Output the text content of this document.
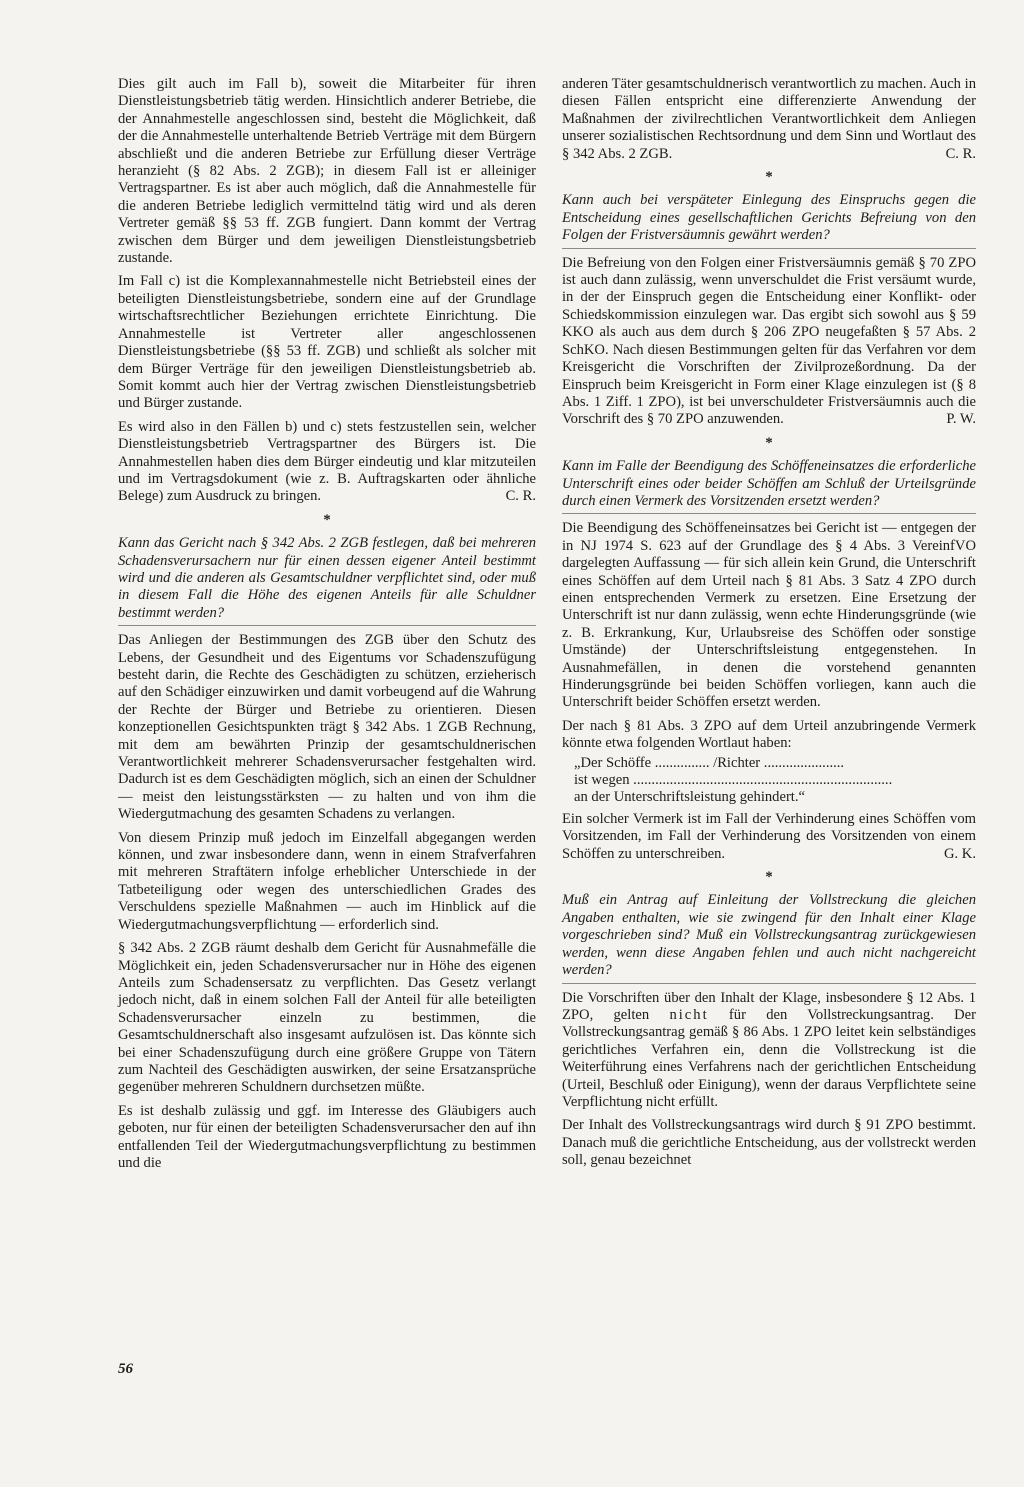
Dies gilt auch im Fall b), soweit die Mitarbeiter für ihren Dienstleistungsbetrieb tätig werden. Hinsichtlich anderer Betriebe, die der Annahmestelle angeschlossen sind, besteht die Möglichkeit, daß der die Annahmestelle unterhaltende Betrieb Verträge mit dem Bürgern abschließt und die anderen Betriebe zur Erfüllung dieser Verträge heranzieht (§ 82 Abs. 2 ZGB); in diesem Fall ist er alleiniger Vertragspartner. Es ist aber auch möglich, daß die Annahmestelle für die anderen Betriebe lediglich vermittelnd tätig wird und als deren Vertreter gemäß §§ 53 ff. ZGB fungiert. Dann kommt der Vertrag zwischen dem Bürger und dem jeweiligen Dienstleistungsbetrieb zustande.

Im Fall c) ist die Komplexannahmestelle nicht Betriebsteil eines der beteiligten Dienstleistungsbetriebe, sondern eine auf der Grundlage wirtschaftsrechtlicher Beziehungen errichtete Einrichtung. Die Annahmestelle ist Vertreter aller angeschlossenen Dienstleistungsbetriebe (§§ 53 ff. ZGB) und schließt als solcher mit dem Bürger Verträge für den jeweiligen Dienstleistungsbetrieb ab. Somit kommt auch hier der Vertrag zwischen Dienstleistungsbetrieb und Bürger zustande.

Es wird also in den Fällen b) und c) stets festzustellen sein, welcher Dienstleistungsbetrieb Vertragspartner des Bürgers ist. Die Annahmestellen haben dies dem Bürger eindeutig und klar mitzuteilen und im Vertragsdokument (wie z. B. Auftragskarten oder ähnliche Belege) zum Ausdruck zu bringen.	C. R.

*

Kann das Gericht nach § 342 Abs. 2 ZGB festlegen, daß bei mehreren Schadensverursachern nur für einen dessen eigener Anteil bestimmt wird und die anderen als Gesamtschuldner verpflichtet sind, oder muß in diesem Fall die Höhe des eigenen Anteils für alle Schuldner bestimmt werden?

Das Anliegen der Bestimmungen des ZGB über den Schutz des Lebens, der Gesundheit und des Eigentums vor Schadenszufügung besteht darin, die Rechte des Geschädigten zu schützen, erzieherisch auf den Schädiger einzuwirken und damit vorbeugend auf die Wahrung der Rechte der Bürger und Betriebe zu orientieren. Diesen konzeptionellen Gesichtspunkten trägt § 342 Abs. 1 ZGB Rechnung, mit dem am bewährten Prinzip der gesamtschuldnerischen Verantwortlichkeit mehrerer Schadensverursacher festgehalten wird. Dadurch ist es dem Geschädigten möglich, sich an einen der Schuldner — meist den leistungsstärksten — zu halten und von ihm die Wiedergutmachung des gesamten Schadens zu verlangen.

Von diesem Prinzip muß jedoch im Einzelfall abgegangen werden können, und zwar insbesondere dann, wenn in einem Strafverfahren mit mehreren Straftätern infolge erheblicher Unterschiede in der Tatbeteiligung oder wegen des unterschiedlichen Grades des Verschuldens spezielle Maßnahmen — auch im Hinblick auf die Wiedergutmachungsverpflichtung — erforderlich sind.

§ 342 Abs. 2 ZGB räumt deshalb dem Gericht für Ausnahmefälle die Möglichkeit ein, jeden Schadensverursacher nur in Höhe des eigenen Anteils zum Schadensersatz zu verpflichten. Das Gesetz verlangt jedoch nicht, daß in einem solchen Fall der Anteil für alle beteiligten Schadensverursacher einzeln zu bestimmen, die Gesamtschuldnerschaft also insgesamt aufzulösen ist. Das könnte sich bei einer Schadenszufügung durch eine größere Gruppe von Tätern zum Nachteil des Geschädigten auswirken, der seine Ersatzansprüche gegenüber mehreren Schuldnern durchsetzen müßte.

Es ist deshalb zulässig und ggf. im Interesse des Gläubigers auch geboten, nur für einen der beteiligten Schadensverursacher den auf ihn entfallenden Teil der Wiedergutmachungsverpflichtung zu bestimmen und die

anderen Täter gesamtschuldnerisch verantwortlich zu machen. Auch in diesen Fällen entspricht eine differenzierte Anwendung der Maßnahmen der zivilrechtlichen Verantwortlichkeit dem Anliegen unserer sozialistischen Rechtsordnung und dem Sinn und Wortlaut des § 342 Abs. 2 ZGB.	C. R.

*

Kann auch bei verspäteter Einlegung des Einspruchs gegen die Entscheidung eines gesellschaftlichen Gerichts Befreiung von den Folgen der Fristversäumnis gewährt werden?

Die Befreiung von den Folgen einer Fristversäumnis gemäß § 70 ZPO ist auch dann zulässig, wenn unverschuldet die Frist versäumt wurde, in der der Einspruch gegen die Entscheidung einer Konflikt- oder Schiedskommission einzulegen war. Das ergibt sich sowohl aus § 59 KKO als auch aus dem durch § 206 ZPO neugefaßten § 57 Abs. 2 SchKO. Nach diesen Bestimmungen gelten für das Verfahren vor dem Kreisgericht die Vorschriften der Zivilprozeßordnung. Da der Einspruch beim Kreisgericht in Form einer Klage einzulegen ist (§ 8 Abs. 1 Ziff. 1 ZPO), ist bei unverschuldeter Fristversäumnis auch die Vorschrift des § 70 ZPO anzuwenden.	P. W.

*

Kann im Falle der Beendigung des Schöffeneinsatzes die erforderliche Unterschrift eines oder beider Schöffen am Schluß der Urteilsgründe durch einen Vermerk des Vorsitzenden ersetzt werden?

Die Beendigung des Schöffeneinsatzes bei Gericht ist — entgegen der in NJ 1974 S. 623 auf der Grundlage des § 4 Abs. 3 VereinfVO dargelegten Auffassung — für sich allein kein Grund, die Unterschrift eines Schöffen auf dem Urteil nach § 81 Abs. 3 Satz 4 ZPO durch einen entsprechenden Vermerk zu ersetzen. Eine Ersetzung der Unterschrift ist nur dann zulässig, wenn echte Hinderungsgründe (wie z. B. Erkrankung, Kur, Urlaubsreise des Schöffen oder sonstige Umstände) der Unterschriftsleistung entgegenstehen. In Ausnahmefällen, in denen die vorstehend genannten Hinderungsgründe bei beiden Schöffen vorliegen, kann auch die Unterschrift beider Schöffen ersetzt werden.

Der nach § 81 Abs. 3 ZPO auf dem Urteil anzubringende Vermerk könnte etwa folgenden Wortlaut haben:

„Der Schöffe ............... /Richter ......................
ist wegen .......................................................................
an der Unterschriftsleistung gehindert.“

Ein solcher Vermerk ist im Fall der Verhinderung eines Schöffen vom Vorsitzenden, im Fall der Verhinderung des Vorsitzenden von einem Schöffen zu unterschreiben.	G. K.

*

Muß ein Antrag auf Einleitung der Vollstreckung die gleichen Angaben enthalten, wie sie zwingend für den Inhalt einer Klage vorgeschrieben sind? Muß ein Vollstreckungsantrag zurückgewiesen werden, wenn diese Angaben fehlen und auch nicht nachgereicht werden?

Die Vorschriften über den Inhalt der Klage, insbesondere § 12 Abs. 1 ZPO, gelten nicht für den Vollstreckungsantrag. Der Vollstreckungsantrag gemäß § 86 Abs. 1 ZPO leitet kein selbständiges gerichtliches Verfahren ein, denn die Vollstreckung ist die Weiterführung eines Verfahrens nach der gerichtlichen Entscheidung (Urteil, Beschluß oder Einigung), wenn der daraus Verpflichtete seine Verpflichtung nicht erfüllt.

Der Inhalt des Vollstreckungsantrags wird durch § 91 ZPO bestimmt. Danach muß die gerichtliche Entscheidung, aus der vollstreckt werden soll, genau bezeichnet

56
